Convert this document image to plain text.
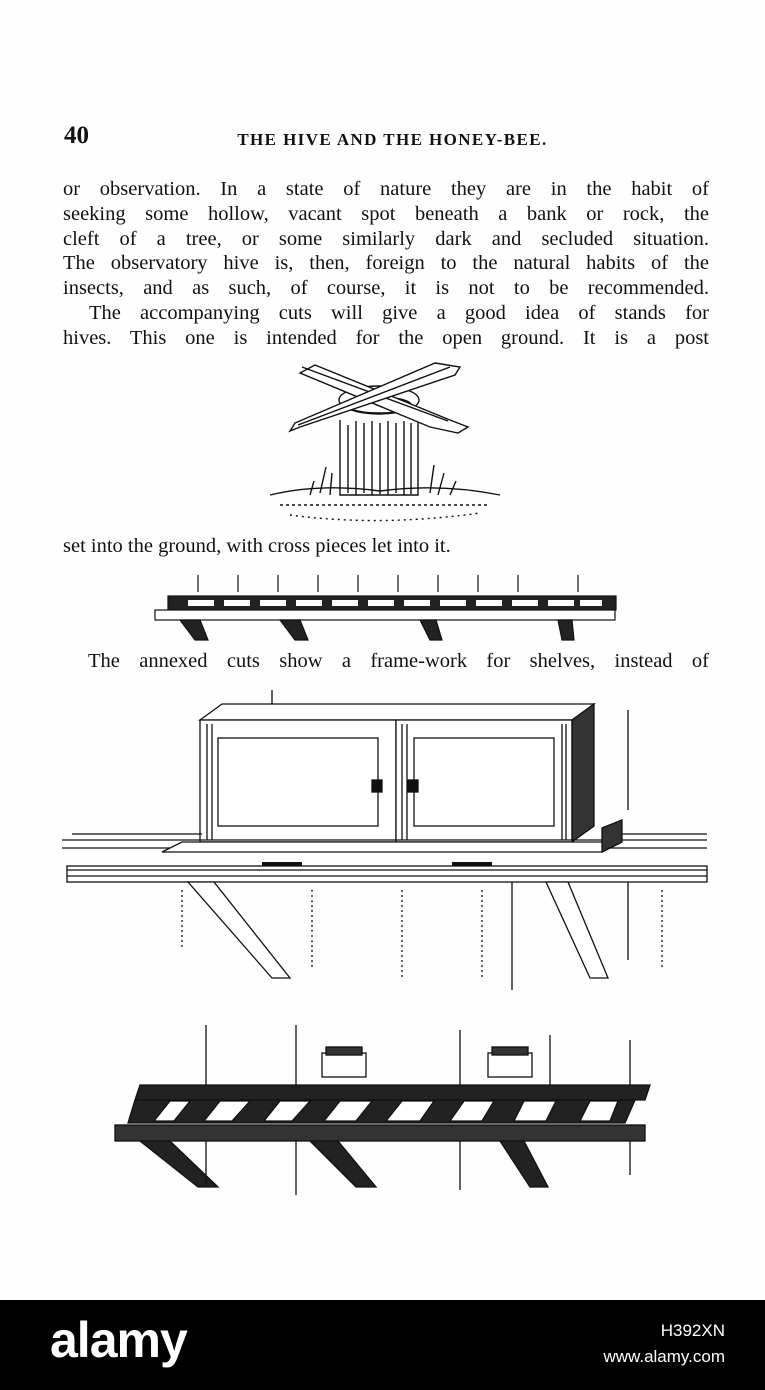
40	THE HIVE AND THE HONEY-BEE.
or observation. In a state of nature they are in the habit of
seeking some hollow, vacant spot beneath a bank or rock, the
cleft of a tree, or some similarly dark and secluded situation.
The observatory hive is, then, foreign to the natural habits of the
insects, and as such, of course, it is not to be recommended.
The accompanying cuts will give a good idea of stands for
hives. This one is intended for the open ground. It is a post
set into the ground, with cross pieces let into it.
The annexed cuts show a frame-work for shelves, instead of
alamy	H392XN
www.alamy.com
